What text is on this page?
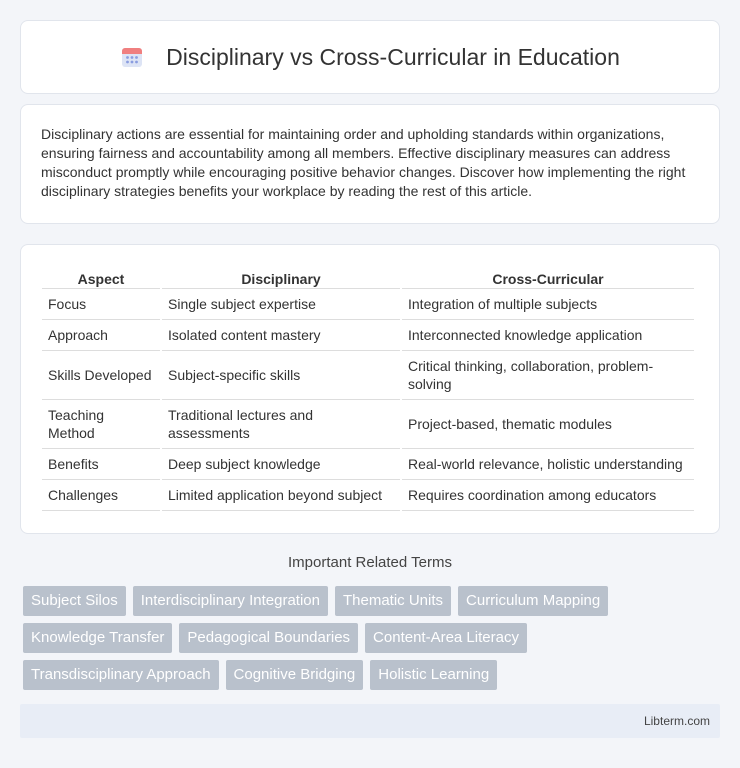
Disciplinary vs Cross-Curricular in Education

Disciplinary actions are essential for maintaining order and upholding standards within organizations, ensuring fairness and accountability among all members. Effective disciplinary measures can address misconduct promptly while encouraging positive behavior changes. Discover how implementing the right disciplinary strategies benefits your workplace by reading the rest of this article.

Aspect	Disciplinary	Cross-Curricular
Focus	Single subject expertise	Integration of multiple subjects
Approach	Isolated content mastery	Interconnected knowledge application
Skills Developed	Subject-specific skills	Critical thinking, collaboration, problem-solving
Teaching Method	Traditional lectures and assessments	Project-based, thematic modules
Benefits	Deep subject knowledge	Real-world relevance, holistic understanding
Challenges	Limited application beyond subject	Requires coordination among educators
Important Related Terms
Subject Silos	Interdisciplinary Integration	Thematic Units	Curriculum Mapping
Knowledge Transfer	Pedagogical Boundaries	Content-Area Literacy
Transdisciplinary Approach	Cognitive Bridging	Holistic Learning
Libterm.com
